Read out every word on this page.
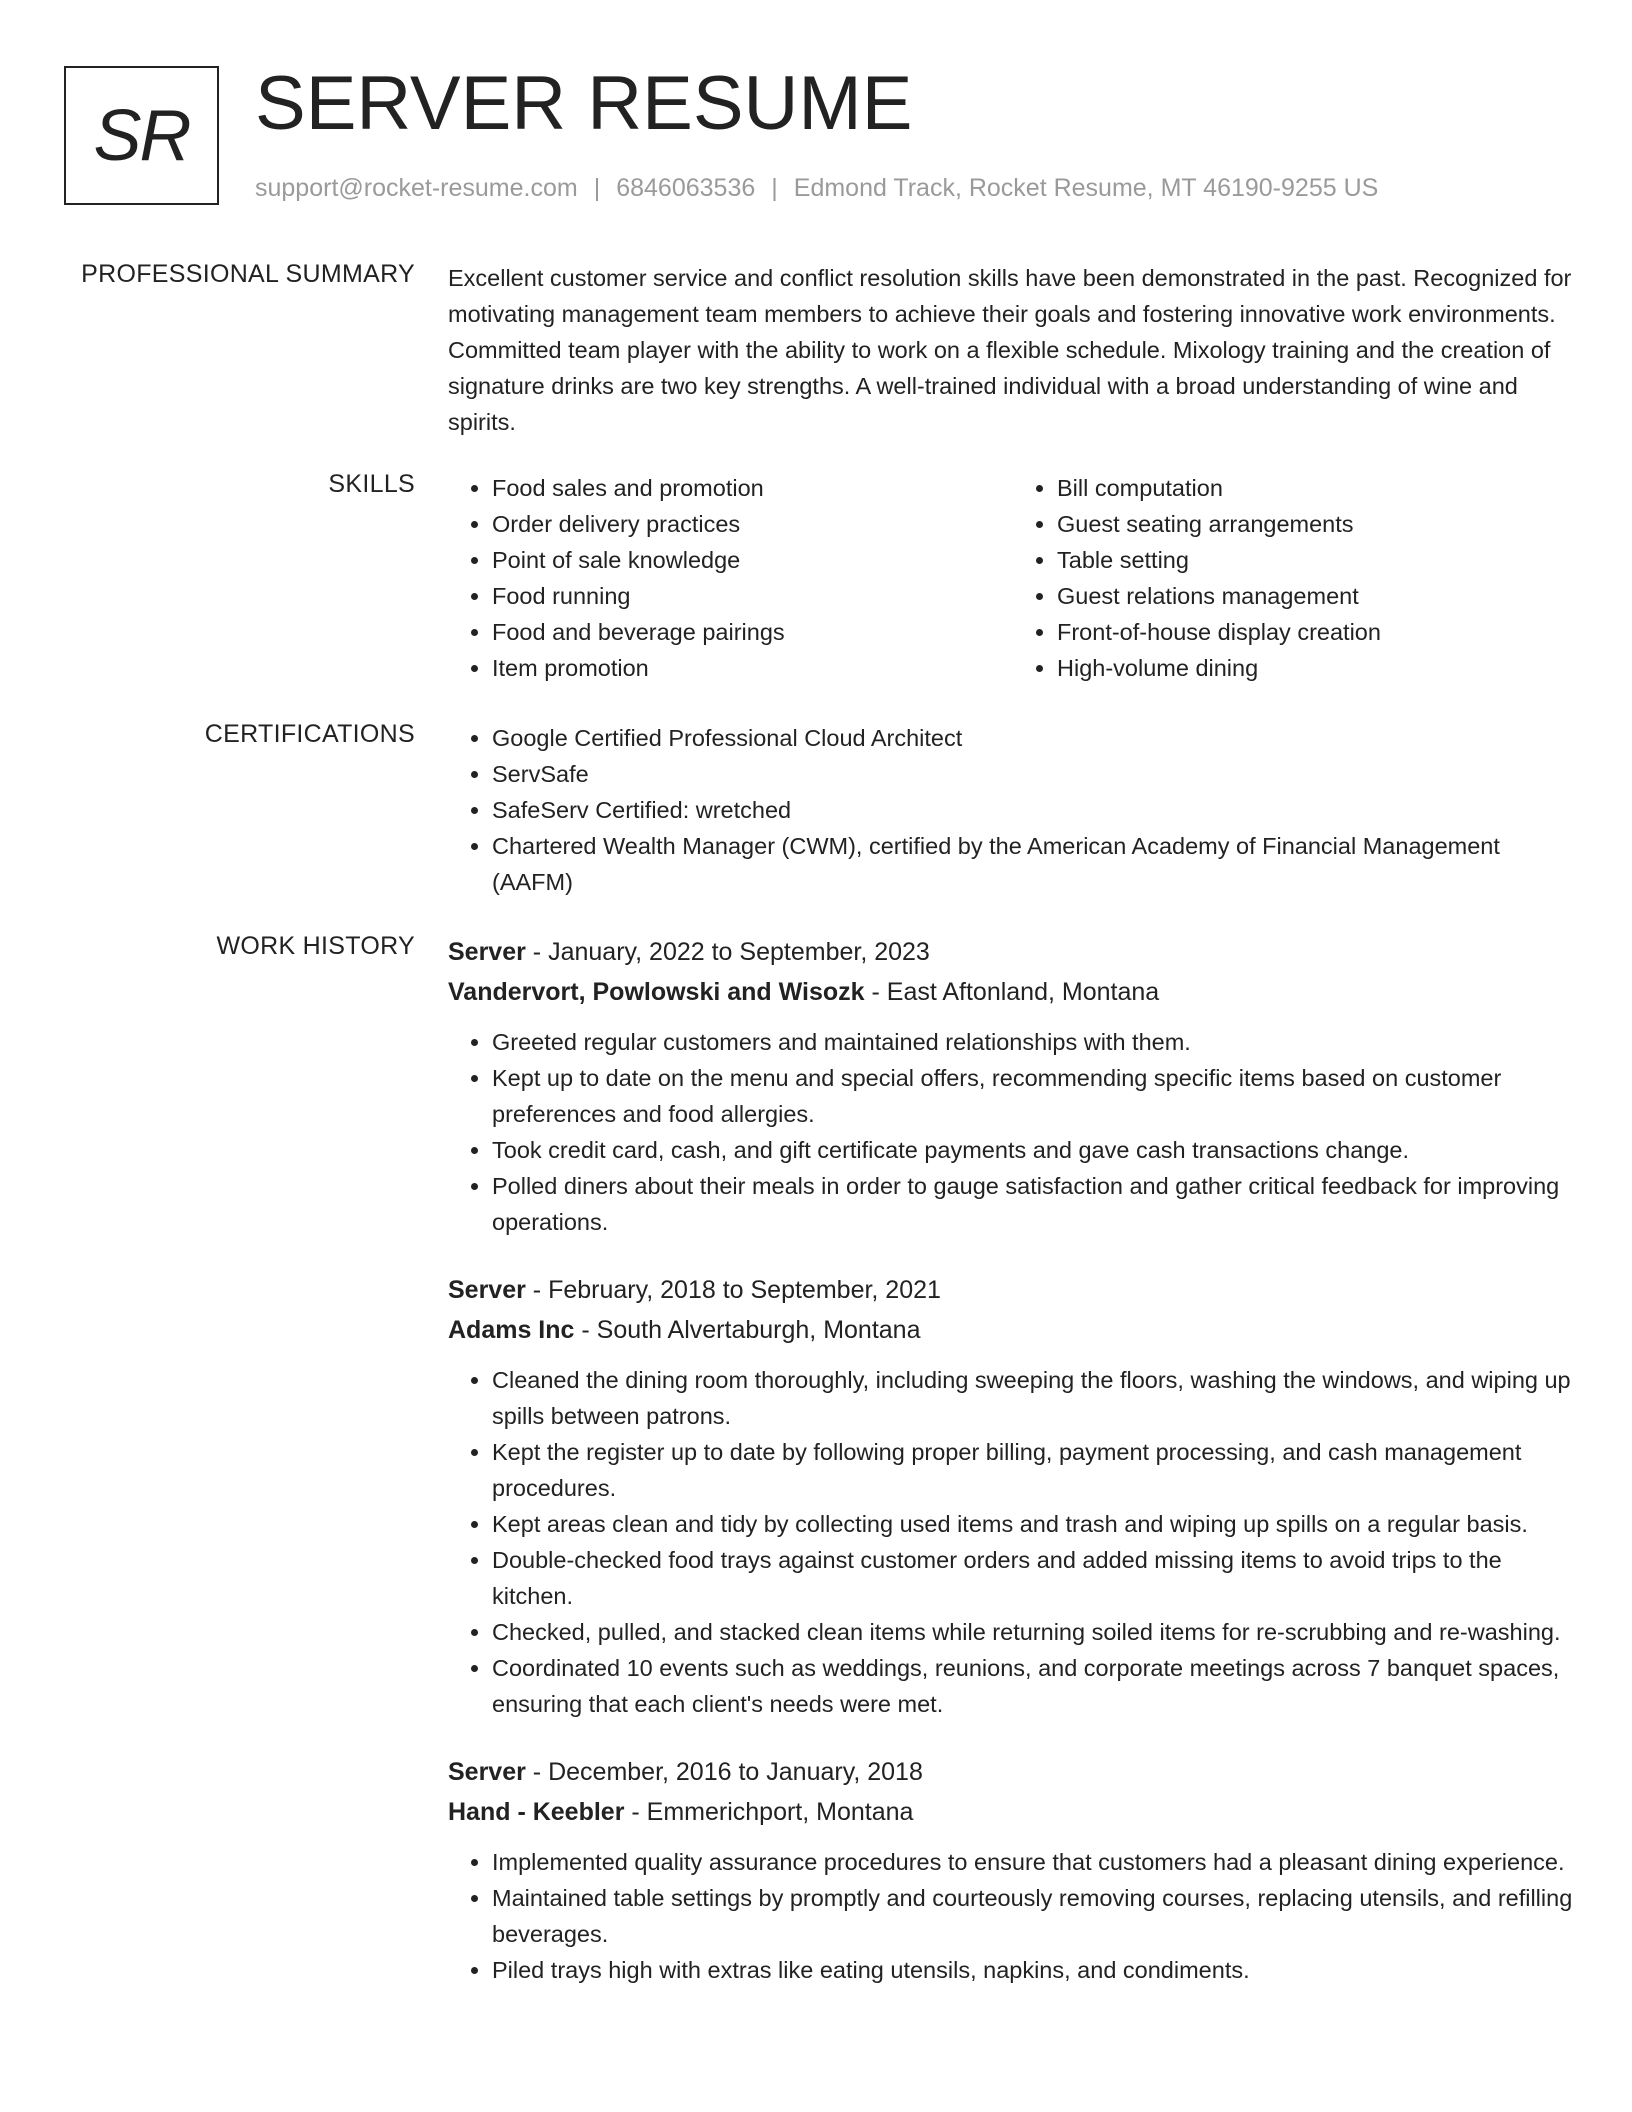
SR SERVER RESUME
support@rocket-resume.com | 6846063536 | Edmond Track, Rocket Resume, MT 46190-9255 US
PROFESSIONAL SUMMARY Excellent customer service and conflict resolution skills have been demonstrated in the past. Recognized for motivating management team members to achieve their goals and fostering innovative work environments. Committed team player with the ability to work on a flexible schedule. Mixology training and the creation of signature drinks are two key strengths. A well-trained individual with a broad understanding of wine and spirits.

SKILLS	• Food sales and promotion
• Order delivery practices
• Point of sale knowledge
• Food running
• Food and beverage pairings
• Item promotion
• Bill computation
• Guest seating arrangements
• Table setting
• Guest relations management
• Front-of-house display creation
• High-volume dining
CERTIFICATIONS	• Google Certified Professional Cloud Architect
• ServSafe
• SafeServ Certified: wretched
• Chartered Wealth Manager (CWM), certified by the American Academy of Financial Management (AAFM)
WORK HISTORY Server - January, 2022 to September, 2023

Vandervort, Powlowski and Wisozk - East Aftonland, Montana

• Greeted regular customers and maintained relationships with them.
• Kept up to date on the menu and special offers, recommending specific items based on customer preferences and food allergies.
• Took credit card, cash, and gift certificate payments and gave cash transactions change.
• Polled diners about their meals in order to gauge satisfaction and gather critical feedback for improving operations.

Server - February, 2018 to September, 2021

Adams Inc - South Alvertaburgh, Montana

• Cleaned the dining room thoroughly, including sweeping the floors, washing the windows, and wiping up spills between patrons.
• Kept the register up to date by following proper billing, payment processing, and cash management procedures.
• Kept areas clean and tidy by collecting used items and trash and wiping up spills on a regular basis.
• Double-checked food trays against customer orders and added missing items to avoid trips to the kitchen.
• Checked, pulled, and stacked clean items while returning soiled items for re-scrubbing and re-washing.
• Coordinated 10 events such as weddings, reunions, and corporate meetings across 7 banquet spaces, ensuring that each client's needs were met.

Server - December, 2016 to January, 2018

Hand - Keebler - Emmerichport, Montana

• Implemented quality assurance procedures to ensure that customers had a pleasant dining experience.
• Maintained table settings by promptly and courteously removing courses, replacing utensils, and refilling beverages.
• Piled trays high with extras like eating utensils, napkins, and condiments.
